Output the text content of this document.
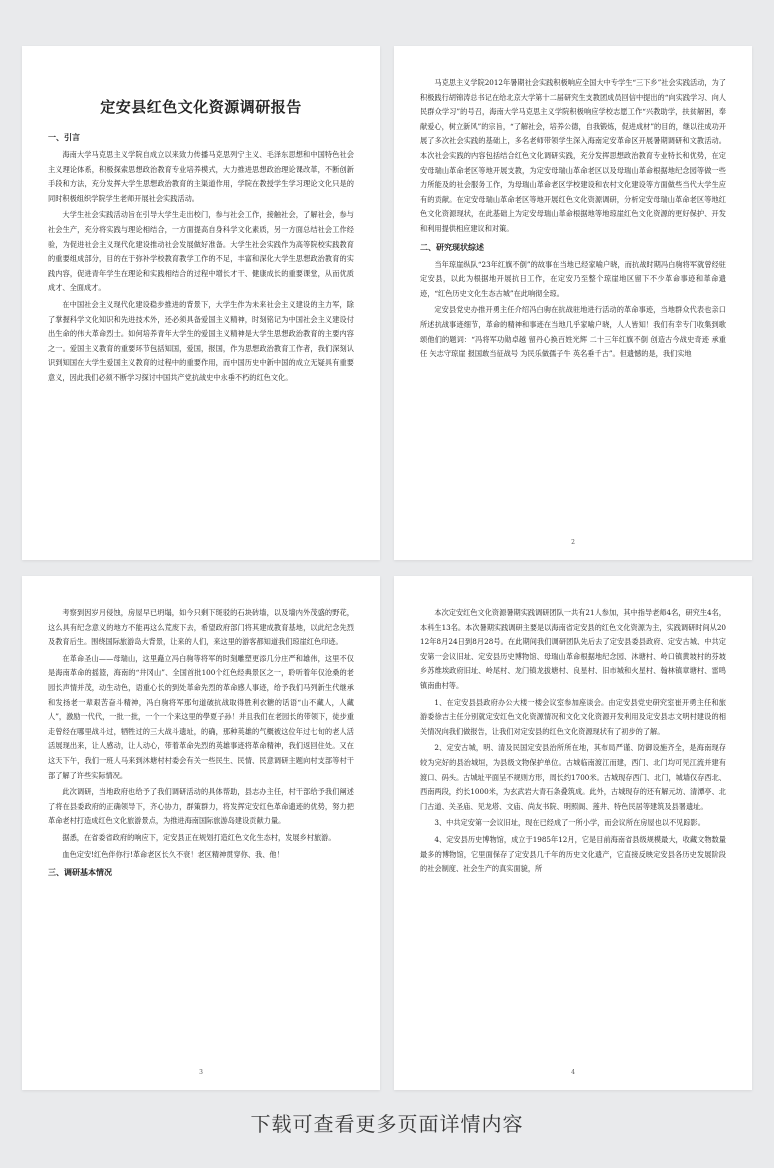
定安县红色文化资源调研报告
一、引言

海南大学马克思主义学院自成立以来致力传播马克思列宁主义、毛泽东思想和中国特色社会主义理论体系，积极探索思想政治教育专业培养模式，大力推进思想政治理论课改革，不断创新手段和方法，充分发挥大学生思想政治教育的主渠道作用，学院在教授学生学习理论文化只是的同时积极组织学院学生老师开展社会实践活动。

大学生社会实践活动旨在引导大学生走出校门，参与社会工作，接触社会，了解社会，参与社会生产，充分将实践与理论相结合，一方面提高自身科学文化素质，另一方面总结社会工作经验，为促进社会主义现代化建设推动社会发展做好准备。大学生社会实践作为高等院校实践教育的重要组成部分，目的在于弥补学校教育教学工作的不足，丰富和深化大学生思想政治教育的实践内容，促进青年学生在理论和实践相结合的过程中增长才干、健康成长的重要课堂，从而优质成才、全面成才。

在中国社会主义现代化建设稳步推进的背景下，大学生作为未来社会主义建设的主力军，除了掌握科学文化知识和先进技术外，还必须具备爱国主义精神，时刻铭记为中国社会主义建设付出生命的伟大革命烈士。如何培养青年大学生的爱国主义精神是大学生思想政治教育的主要内容之一。爱国主义教育的重要环节包括知国，爱国，报国，作为思想政治教育工作者，我们深刻认识到知国在大学生爱国主义教育的过程中的重要作用，而中国历史中新中国的成立无疑具有重要意义，因此我们必须不断学习探讨中国共产党抗战史中永垂不朽的红色文化。

马克思主义学院2012年暑期社会实践积极响应全国大中专学生“三下乡”社会实践活动，为了积极践行胡锦涛总书记在给北京大学第十二届研究生支教团成员回信中提出的“向实践学习、向人民群众学习”的号召，海南大学马克思主义学院积极响应学校志愿工作“兴教助学，扶贫解困，奉献爱心，树立新风”的宗旨，“了解社会，培养公德，自我锻炼，促进成材”的目的，继以往成功开展了多次社会实践的基础上，多名老师带领学生深入海南定安革命区开展暑期调研和文教活动。本次社会实践的内容包括结合红色文化调研实践，充分发挥思想政治教育专业特长和优势，在定安母瑞山革命老区等地开展支教，为定安母瑞山革命老区以及母瑞山革命根据地纪念园等做一些力所能及的社会服务工作，为母瑞山革命老区学校建设和农村文化建设等方面做些当代大学生应有的贡献。在定安母瑞山革命老区等地开展红色文化资源调研，分析定安母瑞山革命老区等地红色文化资源现状，在此基础上为定安母瑞山革命根据地等地琼崖红色文化资源的更好保护、开发和利用提供相应建议和对策。

二、研究现状综述

当年琼崖纵队“23年红旗不倒”的故事在当地已经家喻户晓，而抗战时期冯白驹将军就曾经驻定安县，以此为根据地开展抗日工作，在定安乃至整个琼崖地区留下不少革命事迹和革命遗迹，“红色历史文化生态古城”在此响彻全琼。

定安县党史办推开勇主任介绍冯白驹在抗战驻地进行活动的革命事迹，当地群众代表也亲口所述抗战事迹细节，革命的精神和事迹在当地几乎家喻户晓，人人皆知！我们有幸专门收集到歌颂他们的题词：“冯将军功勋卓越 留丹心换百姓光辉 二十三年红旗不倒 创造古今战史奇迹 承重任 矢志守琼崖 报国敢当征战号 为民乐做孺子牛 英名垂千古”。但遗憾的是，我们实地

2

考察到因岁月侵蚀，房屋早已坍塌，如今只剩下斑驳的石块砖墙，以及墙内外茂盛的野花，这么具有纪念意义的地方不能再这么荒废下去，希望政府部门将其建成教育基地，以此纪念先烈及教育后生。围绕国际旅游岛大背景，让来的人们，来这里的游客都知道我们琼崖红色印迹。

在革命圣山——母瑞山，这里矗立冯白驹等将军的时刻雕塑更添几分庄严和雄伟，这里不仅是海南革命的摇篮，海南的“井冈山”、全国首批100个红色经典景区之一，聆听着年仅沧桑的老园长声情并茂，动生动色，语重心长的到处革命先烈的革命感人事迹，给予我们马列新生代继承和发扬老一辈艰苦奋斗精神，冯白驹将军那句道破抗战取得胜利衣糖的话语“山不藏人，人藏人”，激励一代代，一批一批，一个一个来这里的學夏子孙！并且我们在老园长的带领下，徒步重走曾经在哪里战斗过，牺牲过的三大战斗遗址，的确，那种英雄的气概被这位年过七旬的老人活活展现出来，让人感动，让人动心，带着革命先烈的英雄事迹将革命精神，我们返回住处。又在这天下午，我们一班人马来到沐塘村村委会有关一些民生、民情、民意调研主题向村支部等村干部了解了许些实际情况。

此次调研，当地政府也给予了我们调研活动的具体帮助，县志办主任，村干部给予我们阐述了将在县委政府的正确领导下，齐心协力，群策群力，将发挥定安红色革命遗迹的优势，努力把革命老村打造成红色文化旅游景点，为推进海南国际旅游岛建设贡献力量。

据悉，在省委省政府的响应下，定安县正在规划打造红色文化生态村，发展乡村旅游。

血色定安!红色伴你行!革命老区长久不衰！老区精神贯穿你、我、他！

三、调研基本情况
3

本次定安红色文化资源暑期实践调研团队一共有21人参加，其中指导老师4名，研究生4名，本科生13名。本次暑期实践调研主要是以海南省定安县的红色文化资源为主，实践调研时间从2012年8月24日到8月28号。在此期间我们调研团队先后去了定安县委县政府、定安古城、中共定安第一会议旧址、定安县历史博物馆、母瑞山革命根据地纪念园、沐塘村、岭口镇黄坡村的芬坡乡苏维埃政府旧址、岭尾村、龙门镇龙拔塘村、良星村、旧市城和火星村、翰林镇章塘村、雷鸣镇南曲村等。

1、在定安县县政府办公大楼一楼会议室参加座谈会。由定安县党史研究室崔开勇主任和旅游委徐吉主任分别就定安红色文化资源情况和文化文化资源开发利用及定安县志文明村建设的相关情况向我们做报告，让我们对定安县的红色文化资源现状有了初步的了解。

2、定安古城，明、清及民国定安县治所所在地，其布局严谨、防御设施齐全，是海南现存较为完好的县治城垣，为县级文物保护单位。古城临南渡江而建，西门、北门均可见江流并建有渡口、码头。古城址平面呈不规则方形，周长约1700米。古城现存西门、北门，城墙仅存西北、西南两段，约长1000米，为玄武岩大青石条叠筑成。此外，古城现存的还有解元坊、清潭亭、北门古道、关圣庙、见龙塔、文庙、尚友书院、明照阁、莲井、特色民居等建筑及县署遗址。

3、中共定安第一会议旧址，现在已经成了一所小学，而会议所在房屋也以不见踪影。

4、定安县历史博物馆，成立于1985年12月，它是目前海南省县级规模最大，收藏文物数量最多的博物馆，它里面保存了定安县几千年的历史文化遗产，它直接反映定安县各历史发展阶段的社会制度、社会生产的真实面貌，所

4
下载可查看更多页面详情内容
